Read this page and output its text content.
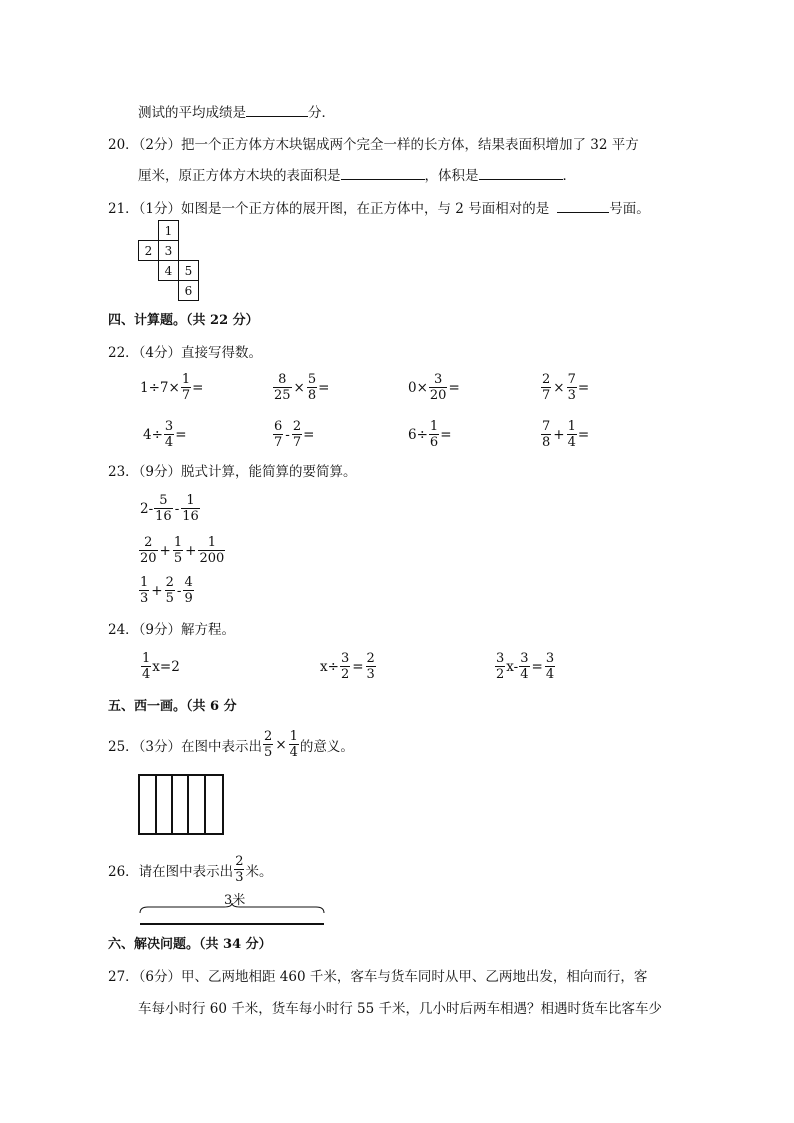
测试的平均成绩是	分．
20．（2分）把一个正方体方木块锯成两个完全一样的长方体，结果表面积增加了 32 平方
厘米，原正方体方木块的表面积是	，体积是	．
21．（1分）如图是一个正方体的展开图，在正方体中，与 2 号面相对的是	号面。
1
2	3
4	5
6
四、计算题。（共 22 分）
22．（4分）直接写得数。
$1\div 7\times \frac{1}{7}$ =	$\frac{8}{25} \times \frac{5}{8}$ =	$0\times \frac{3}{20}$ =	$\frac{2}{7} \times \frac{7}{3}$ =
$4\div \frac{3}{4}$ =	$\frac{6}{7} - \frac{2}{7}$ =	$6\div \frac{1}{6}$ =	$\frac{7}{8} + \frac{1}{4}$ =
23．（9分）脱式计算，能简算的要简算。
$2- \frac{5}{16} - \frac{1}{16}$
$\frac{2}{20} + \frac{1}{5} + \frac{1}{200}$
$\frac{1}{3} + \frac{2}{5} - \frac{4}{9}$
24．（9分）解方程。
$\frac{1}{4} x=2$	$x\div \frac{3}{2} = \frac{2}{3}$	$\frac{3}{2} x- \frac{3}{4} = \frac{3}{4}$
五、西一画。（共 6 分
25．（3分）在图中表示出 $\frac{2}{5} \times \frac{1}{4}$ 的意义。
26．请在图中表示出 $\frac{2}{3}$ 米。
3米
六、解决问题。（共 34 分）
27．（6分）甲、乙两地相距 460 千米，客车与货车同时从甲、乙两地出发，相向而行，客
车每小时行 60 千米，货车每小时行 55 千米，几小时后两车相遇？相遇时货车比客车少
